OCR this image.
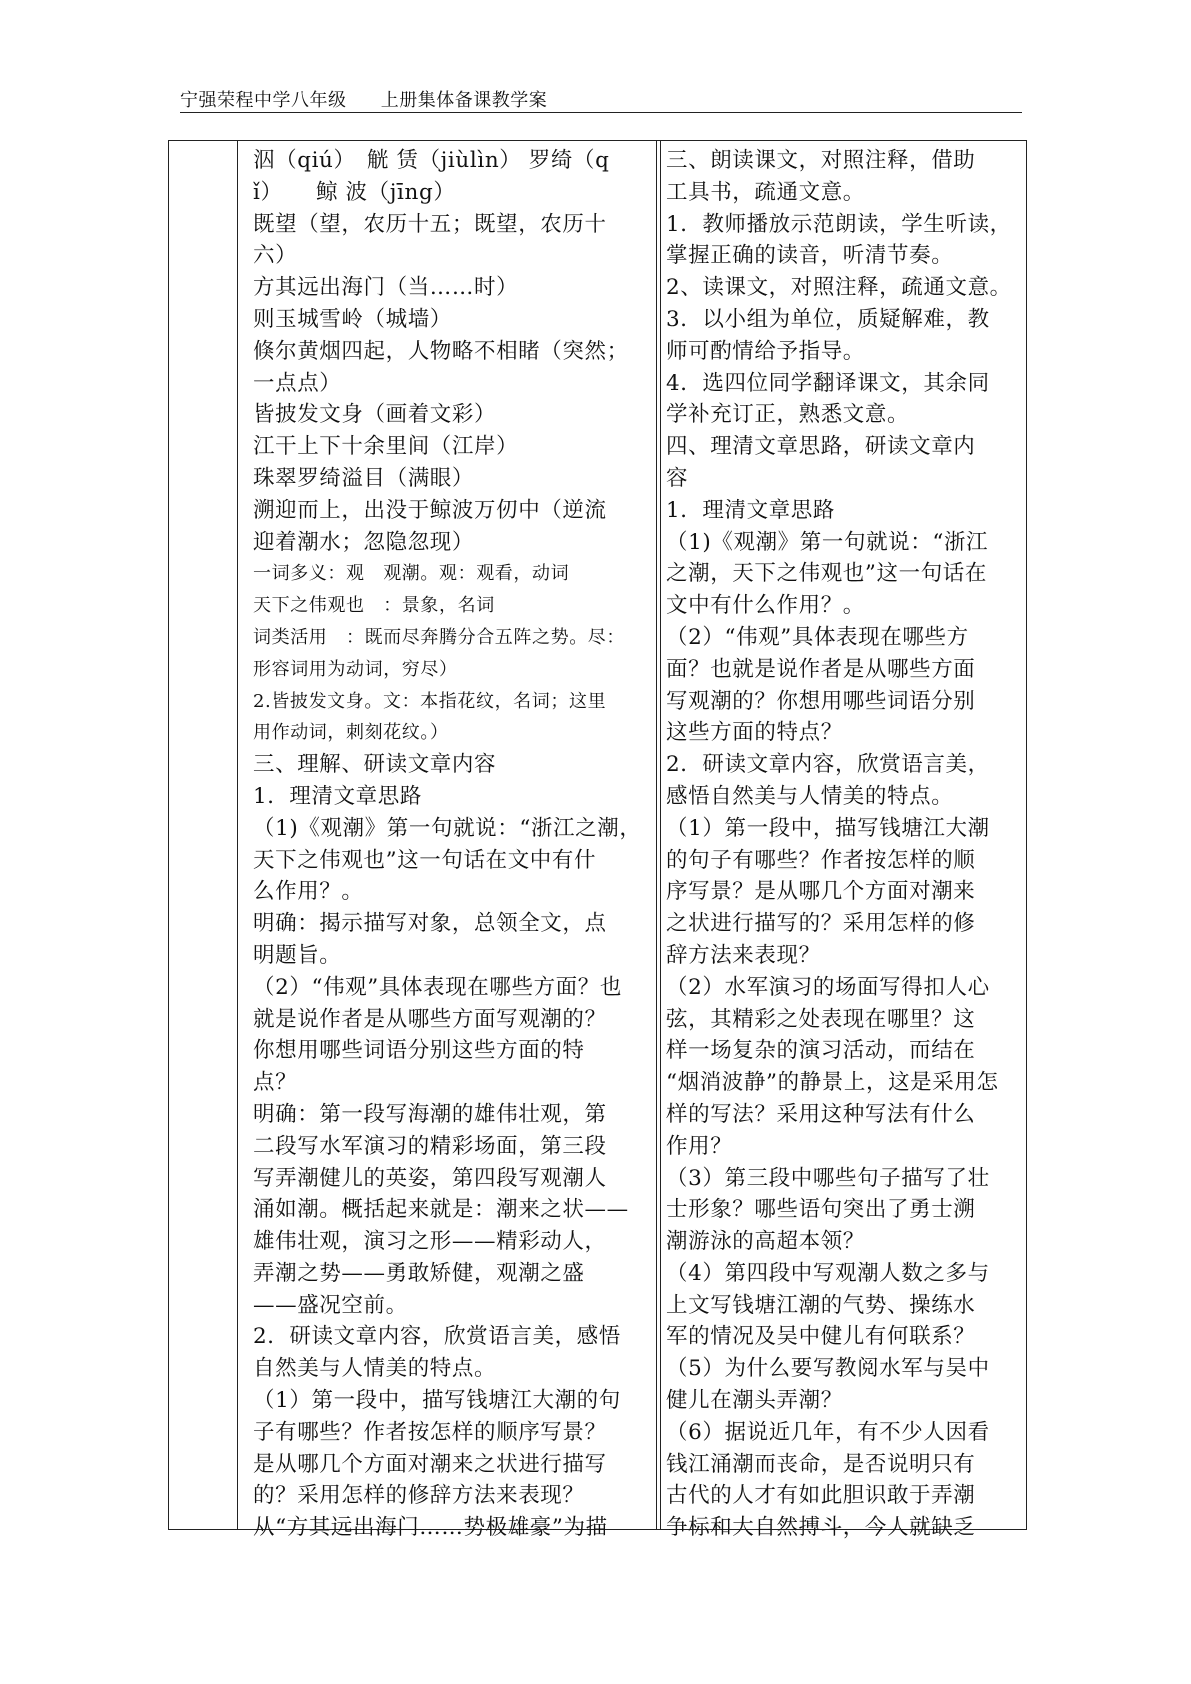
宁强荣程中学八年级 上册集体备课教学案
泅（qiú）　觥 赁（jiùlìn） 罗绮（q
ǐ）　　鲸 波（jīng）
既望（望，农历十五；既望，农历十
六）
方其远出海门（当……时）
则玉城雪岭（城墙）
倏尔黄烟四起，人物略不相睹（突然；
一点点）
皆披发文身（画着文彩）
江干上下十余里间（江岸）
珠翠罗绮溢目（满眼）
溯迎而上，出没于鲸波万仞中（逆流
迎着潮水；忽隐忽现）
一词多义：观　观潮。观：观看，动词
天下之伟观也　：景象，名词
词类活用　：既而尽奔腾分合五阵之势。尽：
形容词用为动词，穷尽）
2.皆披发文身。文：本指花纹，名词；这里
用作动词，刺刻花纹。）
三、理解、研读文章内容
1．理清文章思路
（1)《观潮》第一句就说：“浙江之潮，
天下之伟观也”这一句话在文中有什
么作用？。
明确：揭示描写对象，总领全文，点
明题旨。
（2）“伟观”具体表现在哪些方面？也
就是说作者是从哪些方面写观潮的？
你想用哪些词语分别这些方面的特
点？
明确：第一段写海潮的雄伟壮观，第
二段写水军演习的精彩场面，第三段
写弄潮健儿的英姿，第四段写观潮人
涌如潮。概括起来就是：潮来之状——
雄伟壮观，演习之形——精彩动人，
弄潮之势——勇敢矫健，观潮之盛
——盛况空前。
2．研读文章内容，欣赏语言美，感悟
自然美与人情美的特点。
（1）第一段中，描写钱塘江大潮的句
子有哪些？作者按怎样的顺序写景？
是从哪几个方面对潮来之状进行描写
的？采用怎样的修辞方法来表现？
从“方其远出海门……势极雄豪”为描
三、朗读课文，对照注释，借助
工具书，疏通文意。
1．教师播放示范朗读，学生听读，
掌握正确的读音，听清节奏。
2、读课文，对照注释，疏通文意。
3．以小组为单位，质疑解难，教
师可酌情给予指导。
4．选四位同学翻译课文，其余同
学补充订正，熟悉文意。
四、理清文章思路，研读文章内
容
1．理清文章思路
（1)《观潮》第一句就说：“浙江
之潮，天下之伟观也”这一句话在
文中有什么作用？。
（2）“伟观”具体表现在哪些方
面？也就是说作者是从哪些方面
写观潮的？你想用哪些词语分别
这些方面的特点？
2．研读文章内容，欣赏语言美，
感悟自然美与人情美的特点。
（1）第一段中，描写钱塘江大潮
的句子有哪些？作者按怎样的顺
序写景？是从哪几个方面对潮来
之状进行描写的？采用怎样的修
辞方法来表现？
（2）水军演习的场面写得扣人心
弦，其精彩之处表现在哪里？这
样一场复杂的演习活动，而结在
“烟消波静”的静景上，这是采用怎
样的写法？采用这种写法有什么
作用？
（3）第三段中哪些句子描写了壮
士形象？哪些语句突出了勇士溯
潮游泳的高超本领？
（4）第四段中写观潮人数之多与
上文写钱塘江潮的气势、操练水
军的情况及吴中健儿有何联系？
（5）为什么要写教阅水军与吴中
健儿在潮头弄潮？
（6）据说近几年，有不少人因看
钱江涌潮而丧命，是否说明只有
古代的人才有如此胆识敢于弄潮
争标和大自然搏斗，今人就缺乏
